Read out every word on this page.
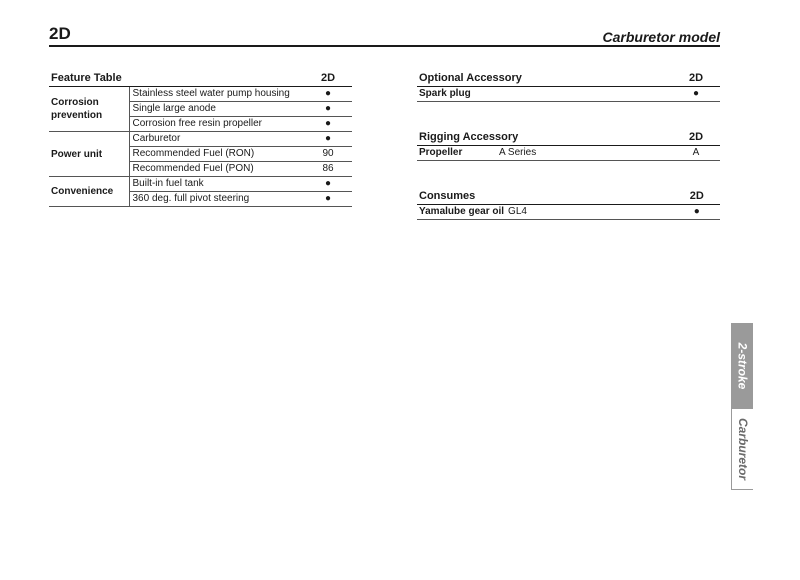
2D	Carburetor model
Feature Table		2D
Corrosion prevention	Stainless steel water pump housing	●
	Single large anode	●
	Corrosion free resin propeller	●
Power unit	Carburetor	●
	Recommended Fuel (RON)	90
	Recommended Fuel (PON)	86
Convenience	Built-in fuel tank	●
	360 deg. full pivot steering	●
Optional Accessory		2D
Spark plug		●
Rigging Accessory		2D
Propeller	A Series	A
Consumes		2D
Yamalube gear oil	GL4	●
2-stroke
Carburetor
